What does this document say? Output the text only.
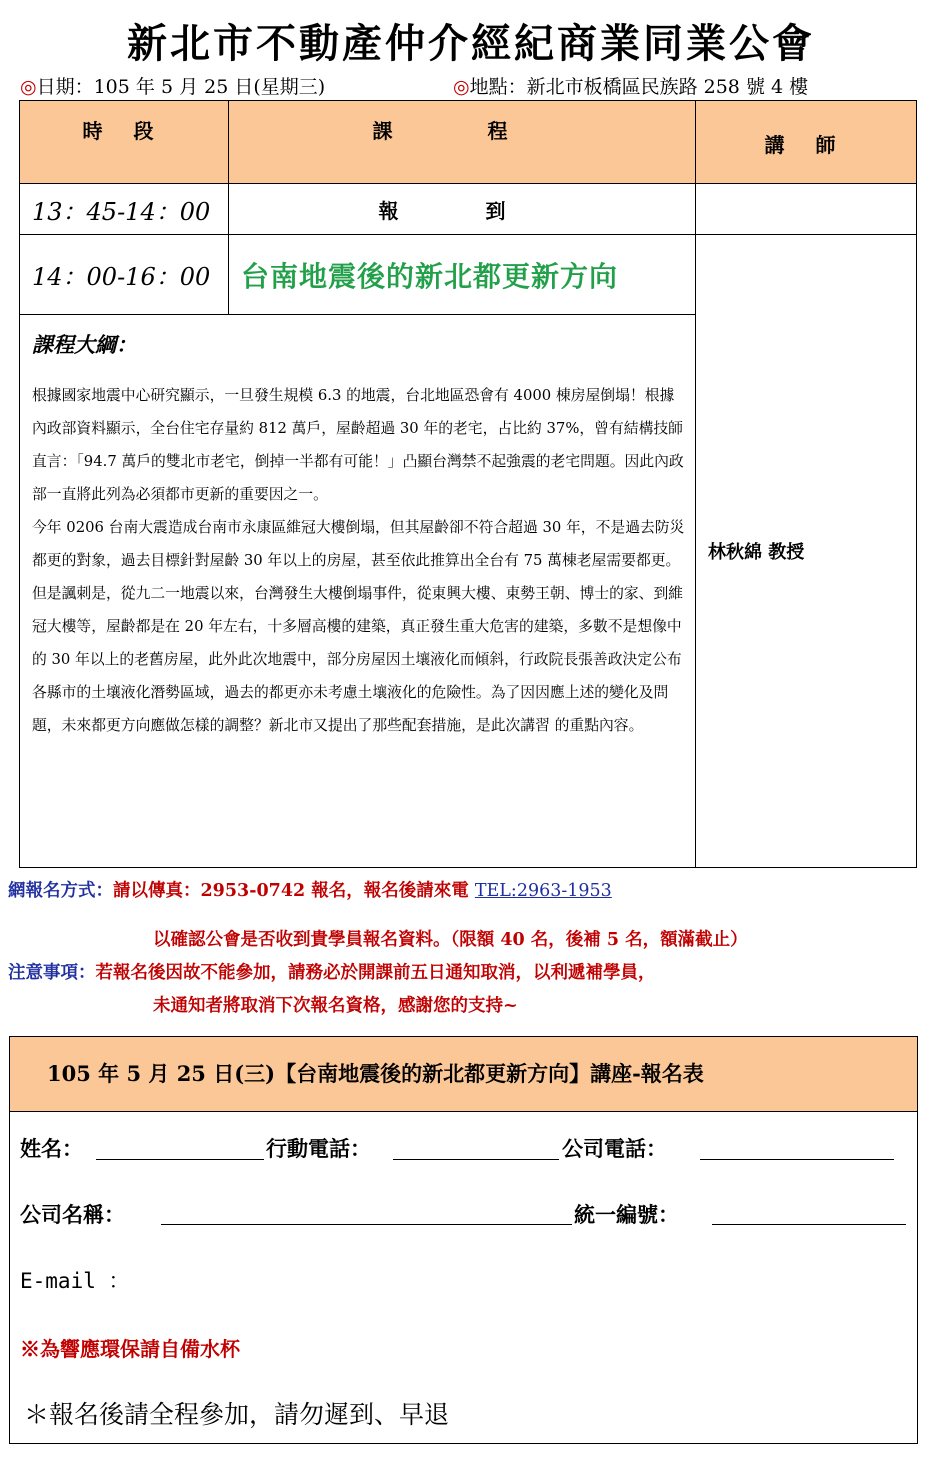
新北市不動產仲介經紀商業同業公會
◎日期：105 年 5 月 25 日(星期三)	◎地點：新北市板橋區民族路 258 號 4 樓
時 段	課 程	講 師
13：45-14：00	報 到	
14：00-16：00	台南地震後的新北都更新方向	林秋綿 教授

課程大綱：

根據國家地震中心研究顯示，一旦發生規模 6.3 的地震，台北地區恐會有 4000 棟房屋倒塌！根據內政部資料顯示，全台住宅存量約 812 萬戶，屋齡超過 30 年的老宅，占比約 37%，曾有結構技師直言：「94.7 萬戶的雙北市老宅，倒掉一半都有可能！」凸顯台灣禁不起強震的老宅問題。因此內政部一直將此列為必須都市更新的重要因之一。

今年 0206 台南大震造成台南市永康區維冠大樓倒塌，但其屋齡卻不符合超過 30 年，不是過去防災都更的對象，過去目標針對屋齡 30 年以上的房屋，甚至依此推算出全台有 75 萬棟老屋需要都更。但是諷刺是，從九二一地震以來，台灣發生大樓倒塌事件，從東興大樓、東勢王朝、博士的家、到維冠大樓等，屋齡都是在 20 年左右，十多層高樓的建築，真正發生重大危害的建築，多數不是想像中的 30 年以上的老舊房屋，此外此次地震中，部分房屋因土壤液化而傾斜，行政院長張善政決定公布各縣市的土壤液化潛勢區域，過去的都更亦未考慮土壤液化的危險性。為了因因應上述的變化及問題，未來都更方向應做怎樣的調整？新北市又提出了那些配套措施，是此次講習 的重點內容。		

網報名方式：請以傳真：2953-0742 報名，報名後請來電 TEL:2963-1953
以確認公會是否收到貴學員報名資料。（限額 40 名，後補 5 名，額滿截止）
注意事項：若報名後因故不能參加，請務必於開課前五日通知取消，以利遞補學員，
未通知者將取消下次報名資格，感謝您的支持~
105 年 5 月 25 日(三)【台南地震後的新北都更新方向】講座-報名表
姓名：	行動電話：	公司電話：
公司名稱：	統一編號：
E-mail ：
※為響應環保請自備水杯
＊報名後請全程參加，請勿遲到、早退
